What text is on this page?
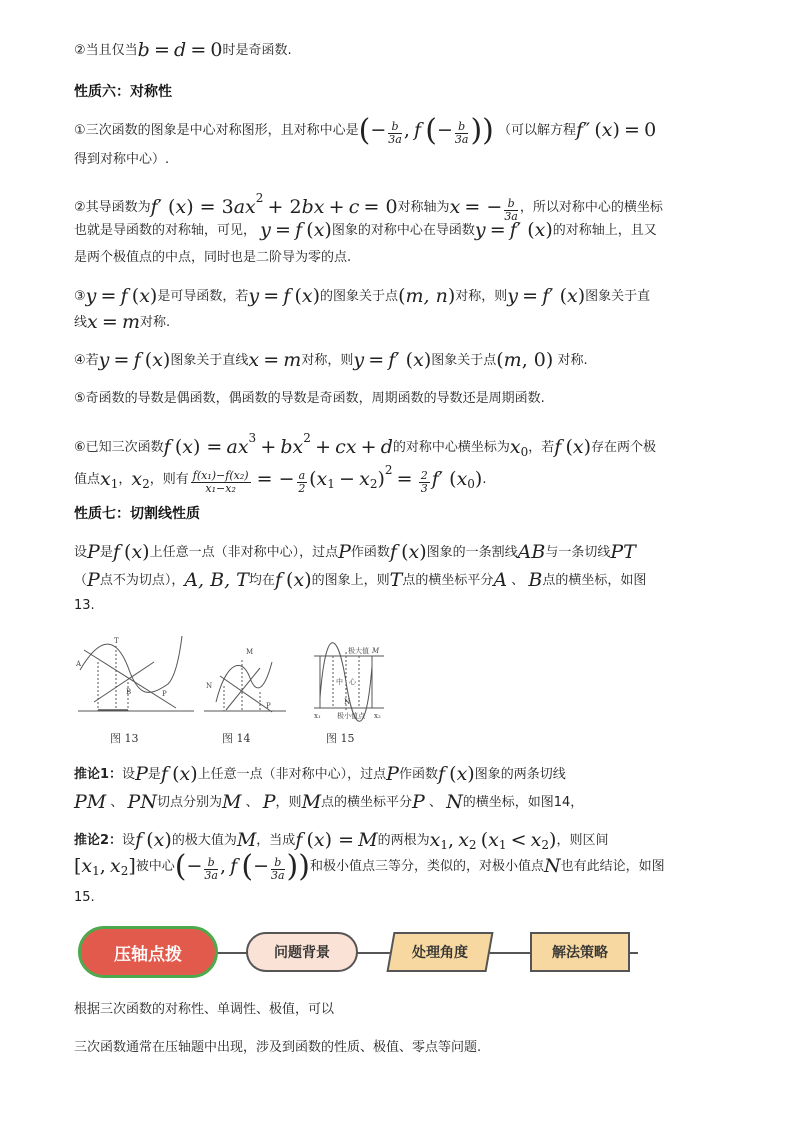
②当且仅当b = d = 0时是奇函数.
性质六：对称性
①三次函数的图象是中心对称图形，且对称中心是(− $\frac{b}{3a}$ , f (− $\frac{b}{3a}$ )) （可以解方程f″ (x) = 0
得到对称中心）.
②其导函数为f′ (x) = 3ax2 + 2bx + c = 0对称轴为x = − $\frac{b}{3a}$ ，所以对称中心的横坐标
也就是导函数的对称轴，可见， y = f (x)图象的对称中心在导函数y = f′ (x)的对称轴上，且又
是两个极值点的中点，同时也是二阶导为零的点.
③y = f (x)是可导函数，若y = f (x)的图象关于点(m, n)对称，则y = f′ (x)图象关于直
线x = m对称.
④若y = f (x)图象关于直线x = m对称，则y = f′ (x)图象关于点(m, 0) 对称.
⑤奇函数的导数是偶函数，偶函数的导数是奇函数，周期函数的导数还是周期函数.
⑥已知三次函数f (x) = ax3 + bx2 + cx + d的对称中心横坐标为x0，若f (x)存在两个极
值点x1，x2，则有 $\frac{\text{f(x₁)−f(x₂)}}{\text{x₁−x₂}}$ = − $\frac{a}{2} (x1 - x2)2 = \frac{2}{3} f'$ (x0).
性质七：切割线性质
设P是f (x)上任意一点（非对称中心），过点P作函数f (x)图象的一条割线AB与一条切线PT
（P点不为切点），A, B, T均在f (x)的图象上，则T点的横坐标平分A 、 B点的横坐标，如图
13.
T
B
A
P
M
N
P	N
x₁	x₂
极大值 M
极小值点
中心
图 13	图 14	图 15
推论1：设P是f (x)上任意一点（非对称中心），过点P作函数f (x)图象的两条切线
PM 、 PN切点分别为M 、 P，则M点的横坐标平分P 、 N的横坐标，如图14，
推论2：设f (x)的极大值为M，当成f (x) = M的两根为x1, x2 (x1 < x2)，则区间
[x1, x2]被中心(− $\frac{b}{3a}$ , f (− $\frac{b}{3a}$ ))和极小值点三等分，类似的，对极小值点N也有此结论，如图
15.
压轴点拨	问题背景	处理角度	解法策略
根据三次函数的对称性、单调性、极值，可以
三次函数通常在压轴题中出现，涉及到函数的性质、极值、零点等问题.
